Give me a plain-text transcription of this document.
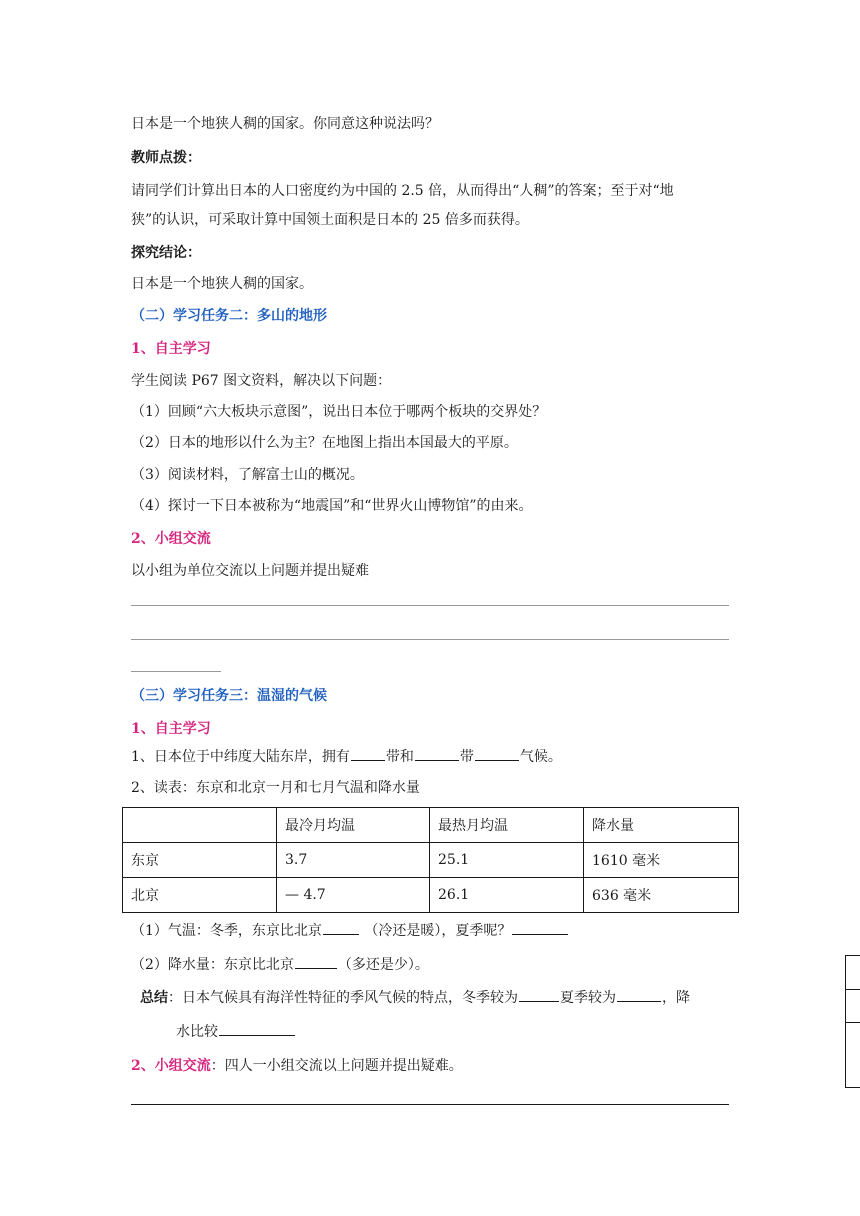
日本是一个地狭人稠的国家。你同意这种说法吗？
教师点拨：
请同学们计算出日本的人口密度约为中国的 2.5 倍，从而得出“人稠”的答案；至于对“地
狭”的认识，可采取计算中国领土面积是日本的 25 倍多而获得。
探究结论：
日本是一个地狭人稠的国家。
（二）学习任务二：多山的地形
1、自主学习
学生阅读 P67 图文资料，解决以下问题：
（1）回顾“六大板块示意图”，说出日本位于哪两个板块的交界处？
（2）日本的地形以什么为主？在地图上指出本国最大的平原。
（3）阅读材料，了解富士山的概况。
（4）探讨一下日本被称为“地震国”和“世界火山博物馆”的由来。
2、小组交流
以小组为单位交流以上问题并提出疑难
（三）学习任务三：温湿的气候
1、自主学习
1、日本位于中纬度大陆东岸，拥有	带和	带	气候。
2、读表：东京和北京一月和七月气温和降水量
	最冷月均温	最热月均温	降水量
东京	3.7	25.1	1610 毫米
北京	— 4.7	26.1	636 毫米
（1）气温：冬季，东京比北京	（冷还是暖），夏季呢？
（2）降水量：东京比北京	（多还是少）。
总结：日本气候具有海洋性特征的季风气候的特点，冬季较为	夏季较为	，降
水比较
2、小组交流：四人一小组交流以上问题并提出疑难。
